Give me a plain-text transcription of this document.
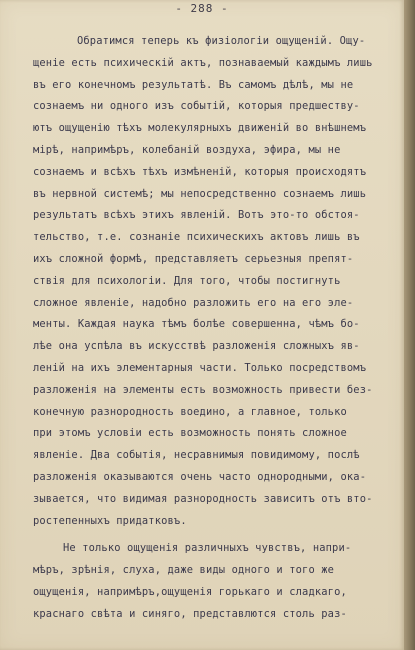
- 288 -
Обратимся теперь къ физiологiи ощущенiй. Ощу-
щенiе есть психическiй актъ, познаваемый каждымъ лишь
въ его конечномъ результатѣ. Въ самомъ дѣлѣ, мы не
сознаемъ ни одного изъ событiй, которыя предшеству-
ютъ ощущенiю тѣхъ молекулярныхъ движенiй во внѣшнемъ
мiрѣ, напримѣръ, колебанiй воздуха, эфира, мы не
сознаемъ и всѣхъ тѣхъ измѣненiй, которыя происходятъ
въ нервной системѣ; мы непосредственно сознаемъ лишь
результатъ всѣхъ этихъ явленiй. Вотъ это-то обстоя-
тельство, т.е. сознанiе психическихъ актовъ лишь въ
ихъ сложной формѣ, представляетъ серьезныя препят-
ствiя для психологiи. Для того, чтобы постигнуть
сложное явленiе, надобно разложить его на его элe-
менты. Каждая наука тѣмъ болѣе совершенна, чѣмъ бо-
лѣе она успѣла въ искусствѣ разложенiя сложныхъ яв-
ленiй на ихъ элементарныя части. Только посредствомъ
разложенiя на элементы есть возможность привести без-
конечную разнородность воедино, а главное, только
при этомъ условiи есть возможность понять сложное
явленiе. Два событiя, несравнимыя повидимому, послѣ
разложенiя оказываются очень часто однородными, ока-
зывается, что видимая разнородность зависитъ отъ вто-
ростепенныхъ придатковъ.
Не только ощущенiя различныхъ чувствъ, напри-
мѣръ, зрѣнiя, слуха, даже виды одного и того же
ощущенiя, напримѣръ,ощущенiя горькаго и сладкаго,
краснаго свѣта и синяго, представлются столь раз-
